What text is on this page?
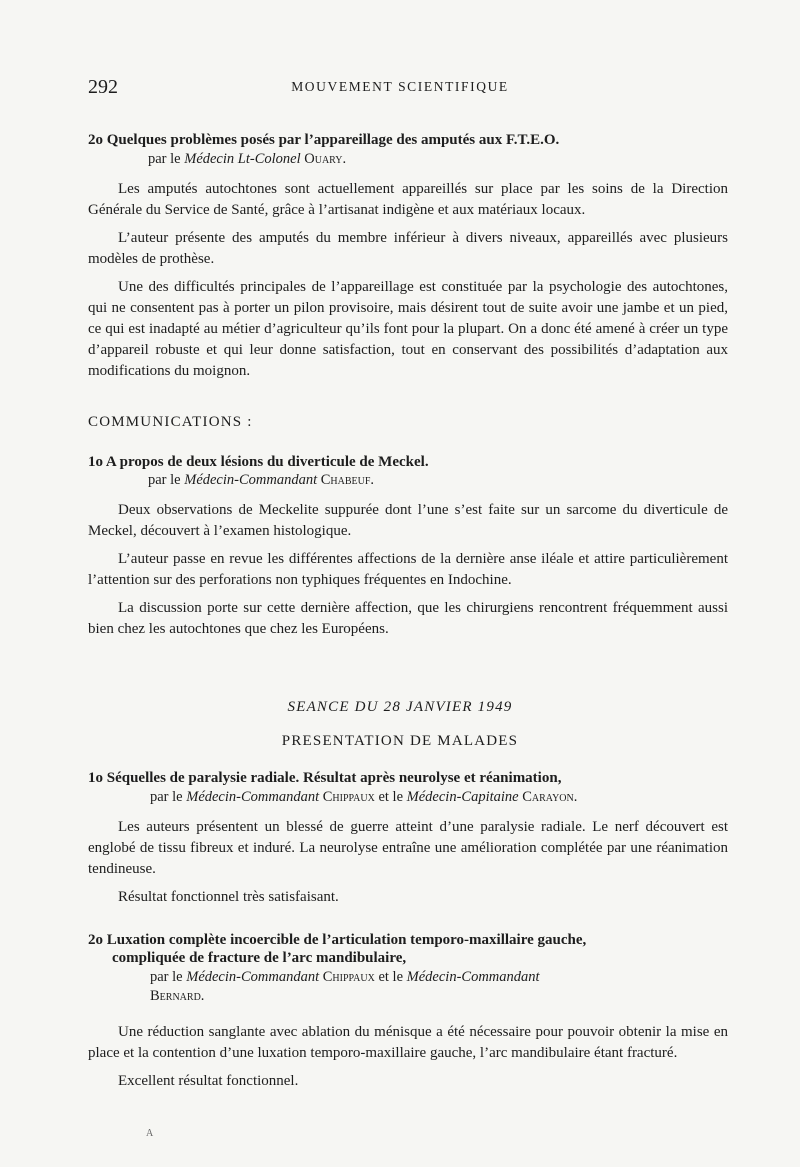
292	MOUVEMENT SCIENTIFIQUE
2o Quelques problèmes posés par l’appareillage des amputés aux F.T.E.O.
par le Médecin Lt-Colonel Ouary.

Les amputés autochtones sont actuellement appareillés sur place par les soins de la Direction Générale du Service de Santé, grâce à l’artisanat indigène et aux matériaux locaux.

L’auteur présente des amputés du membre inférieur à divers niveaux, appareillés avec plusieurs modèles de prothèse.

Une des difficultés principales de l’appareillage est constituée par la psychologie des autochtones, qui ne consentent pas à porter un pilon provisoire, mais désirent tout de suite avoir une jambe et un pied, ce qui est inadapté au métier d’agriculteur qu’ils font pour la plupart. On a donc été amené à créer un type d’appareil robuste et qui leur donne satisfaction, tout en conservant des possibilités d’adaptation aux modifications du moignon.

COMMUNICATIONS :
1o A propos de deux lésions du diverticule de Meckel.
par le Médecin-Commandant Chabeuf.

Deux observations de Meckelite suppurée dont l’une s’est faite sur un sarcome du diverticule de Meckel, découvert à l’examen histologique.

L’auteur passe en revue les différentes affections de la dernière anse iléale et attire particulièrement l’attention sur des perforations non typhiques fréquentes en Indochine.

La discussion porte sur cette dernière affection, que les chirurgiens rencontrent fréquemment aussi bien chez les autochtones que chez les Européens.

SEANCE DU 28 JANVIER 1949
PRESENTATION DE MALADES
1o Séquelles de paralysie radiale. Résultat après neurolyse et réanimation,
par le Médecin-Commandant Chippaux et le Médecin-Capitaine Carayon.

Les auteurs présentent un blessé de guerre atteint d’une paralysie radiale. Le nerf découvert est englobé de tissu fibreux et induré. La neurolyse entraîne une amélioration complétée par une réanimation tendineuse.

Résultat fonctionnel très satisfaisant.

2o Luxation complète incoercible de l’articulation temporo-maxillaire gauche,
compliquée de fracture de l’arc mandibulaire,
par le Médecin-Commandant Chippaux et le Médecin-Commandant
Bernard.

Une réduction sanglante avec ablation du ménisque a été nécessaire pour pouvoir obtenir la mise en place et la contention d’une luxation temporo-maxillaire gauche, l’arc mandibulaire étant fracturé.

Excellent résultat fonctionnel.

A
